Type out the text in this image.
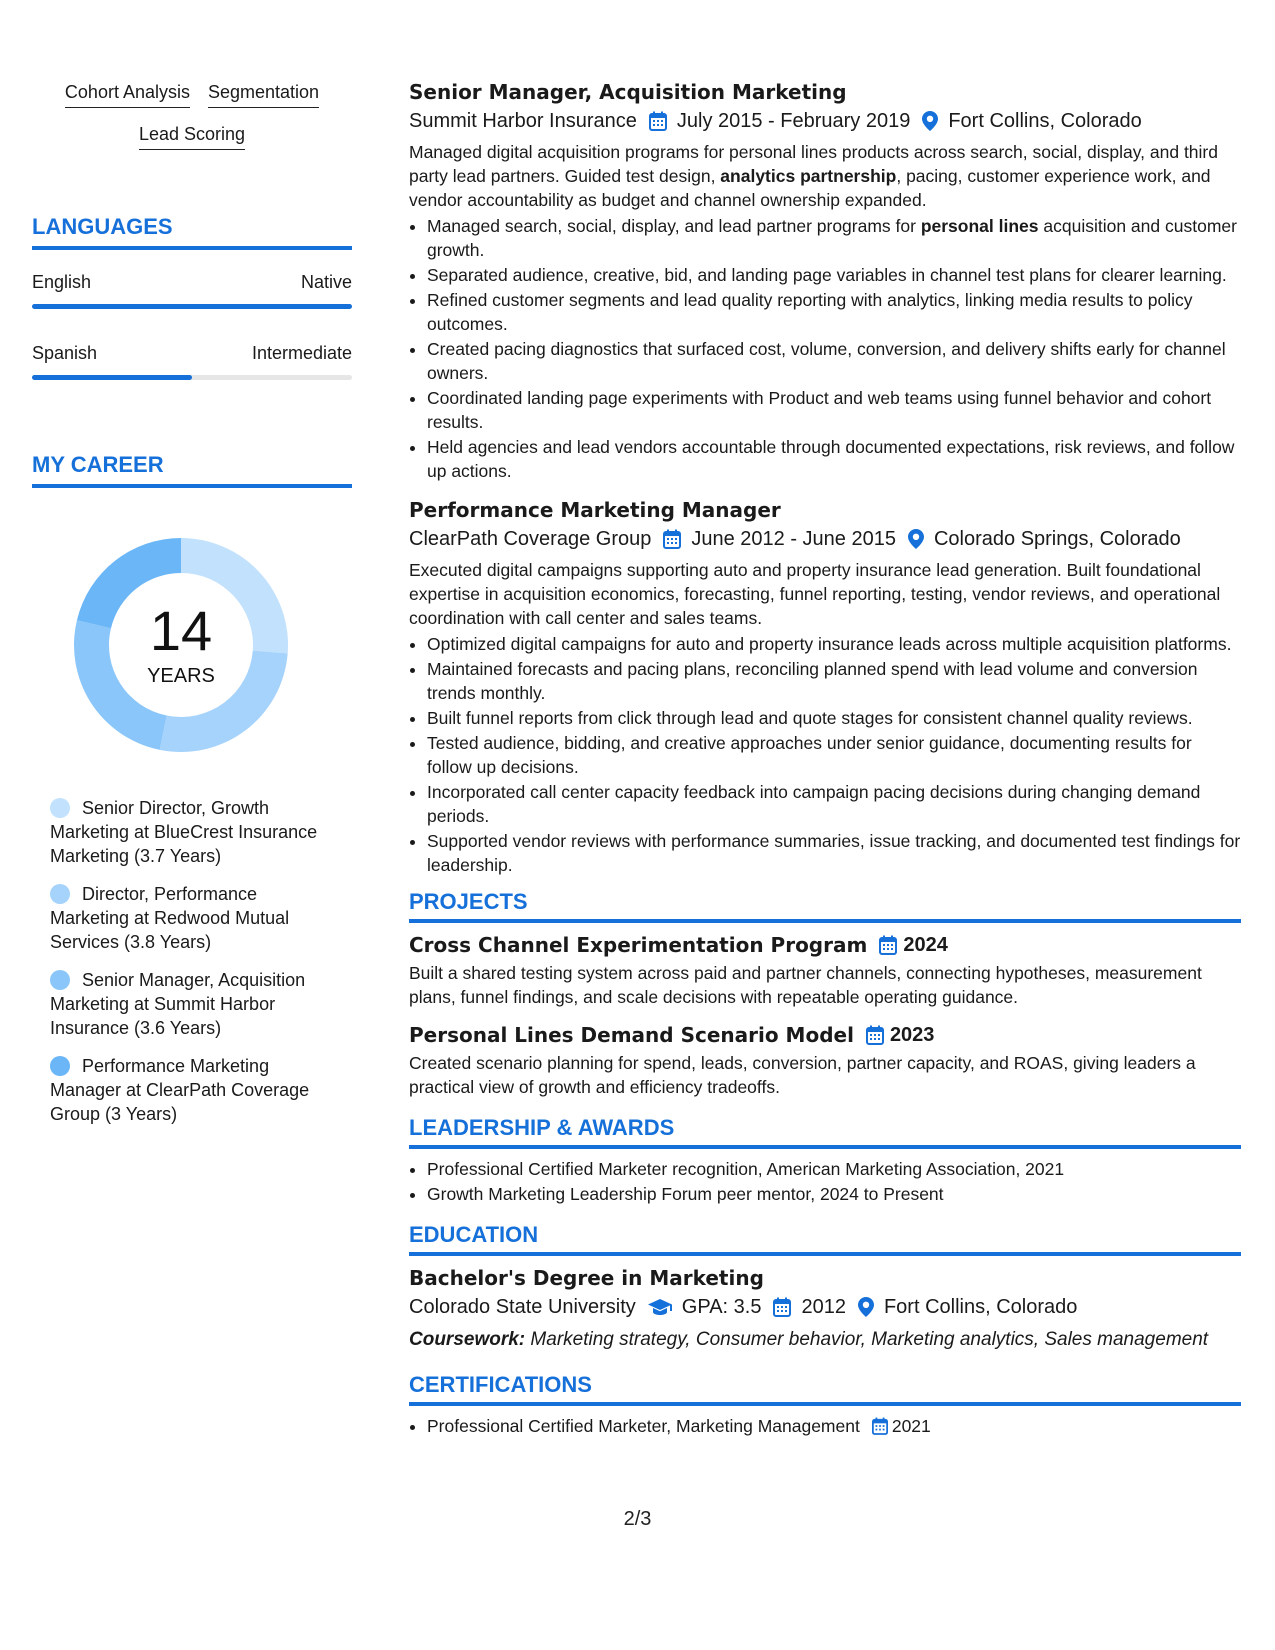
Cohort Analysis Segmentation
Lead Scoring
LANGUAGES
English	Native
Spanish	Intermediate
MY CAREER
14
YEARS
Senior Director, Growth Marketing at BlueCrest Insurance Marketing (3.7 Years)
Director, Performance Marketing at Redwood Mutual Services (3.8 Years)
Senior Manager, Acquisition Marketing at Summit Harbor Insurance (3.6 Years)
Performance Marketing Manager at ClearPath Coverage Group (3 Years)
Senior Manager, Acquisition Marketing
Summit Harbor Insurance July 2015 - February 2019 Fort Collins, Colorado

Managed digital acquisition programs for personal lines products across search, social, display, and third party lead partners. Guided test design, analytics partnership, pacing, customer experience work, and vendor accountability as budget and channel ownership expanded.

• Managed search, social, display, and lead partner programs for personal lines acquisition and customer growth.
• Separated audience, creative, bid, and landing page variables in channel test plans for clearer learning.
• Refined customer segments and lead quality reporting with analytics, linking media results to policy outcomes.
• Created pacing diagnostics that surfaced cost, volume, conversion, and delivery shifts early for channel owners.
• Coordinated landing page experiments with Product and web teams using funnel behavior and cohort results.
• Held agencies and lead vendors accountable through documented expectations, risk reviews, and follow up actions.
Performance Marketing Manager
ClearPath Coverage Group June 2012 - June 2015 Colorado Springs, Colorado

Executed digital campaigns supporting auto and property insurance lead generation. Built foundational expertise in acquisition economics, forecasting, funnel reporting, testing, vendor reviews, and operational coordination with call center and sales teams.

• Optimized digital campaigns for auto and property insurance leads across multiple acquisition platforms.
• Maintained forecasts and pacing plans, reconciling planned spend with lead volume and conversion trends monthly.
• Built funnel reports from click through lead and quote stages for consistent channel quality reviews.
• Tested audience, bidding, and creative approaches under senior guidance, documenting results for follow up decisions.
• Incorporated call center capacity feedback into campaign pacing decisions during changing demand periods.
• Supported vendor reviews with performance summaries, issue tracking, and documented test findings for leadership.
PROJECTS
Cross Channel Experimentation Program 2024

Built a shared testing system across paid and partner channels, connecting hypotheses, measurement plans, funnel findings, and scale decisions with repeatable operating guidance.

Personal Lines Demand Scenario Model 2023

Created scenario planning for spend, leads, conversion, partner capacity, and ROAS, giving leaders a practical view of growth and efficiency tradeoffs.

LEADERSHIP & AWARDS
• Professional Certified Marketer recognition, American Marketing Association, 2021
• Growth Marketing Leadership Forum peer mentor, 2024 to Present
EDUCATION
Bachelor's Degree in Marketing
Colorado State University GPA: 3.5 2012 Fort Collins, Colorado

Coursework: Marketing strategy, Consumer behavior, Marketing analytics, Sales management

CERTIFICATIONS
• Professional Certified Marketer, Marketing Management 2021
2/3
